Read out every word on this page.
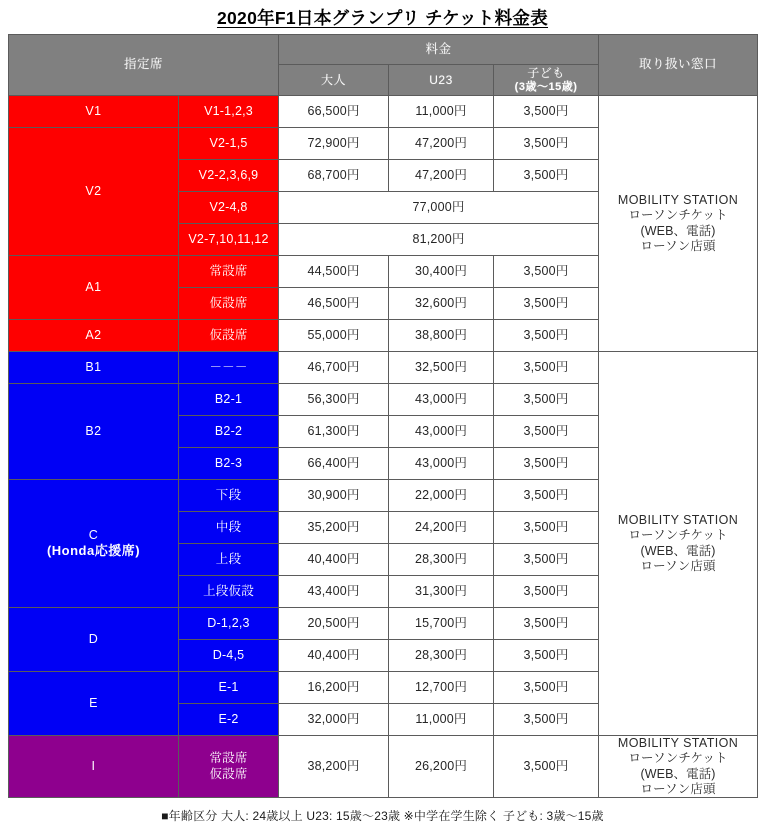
2020年F1日本グランプリ チケット料金表
指定席		料金			取り扱い窓口
		大人	U23	子ども
(3歳〜15歳)	

V1	V1-1,2,3	66,500円	11,000円	3,500円	MOBILITY STATION
ローソンチケット
(WEB、電話)
ローソン店頭

V2	V2-1,5	72,900円	47,200円	3,500円	

	V2-2,3,6,9	68,700円	47,200円	3,500円	

	V2-4,8	77,000円			

	V2-7,10,11,12	81,200円			
A1	常設席	44,500円	30,400円	3,500円	

	仮設席	46,500円	32,600円	3,500円	
A2	仮設席	55,000円	38,800円	3,500円	
B1	－－－	46,700円	32,500円	3,500円	MOBILITY STATION
ローソンチケット
(WEB、電話)
ローソン店頭

B2	B2-1	56,300円	43,000円	3,500円	

	B2-2	61,300円	43,000円	3,500円	

	B2-3	66,400円	43,000円	3,500円	
C
(Honda応援席)	下段	30,900円	22,000円	3,500円	

	中段	35,200円	24,200円	3,500円	

	上段	40,400円	28,300円	3,500円	

	上段仮設	43,400円	31,300円	3,500円	
D	D-1,2,3	20,500円	15,700円	3,500円	

	D-4,5	40,400円	28,300円	3,500円	
E	E-1	16,200円	12,700円	3,500円	

	E-2	32,000円	11,000円	3,500円	
I	常設席
仮設席	38,200円	26,200円	3,500円	MOBILITY STATION
ローソンチケット
(WEB、電話)
ローソン店頭
■年齢区分 大人: 24歳以上 U23: 15歳〜23歳 ※中学在学生除く 子ども: 3歳〜15歳
